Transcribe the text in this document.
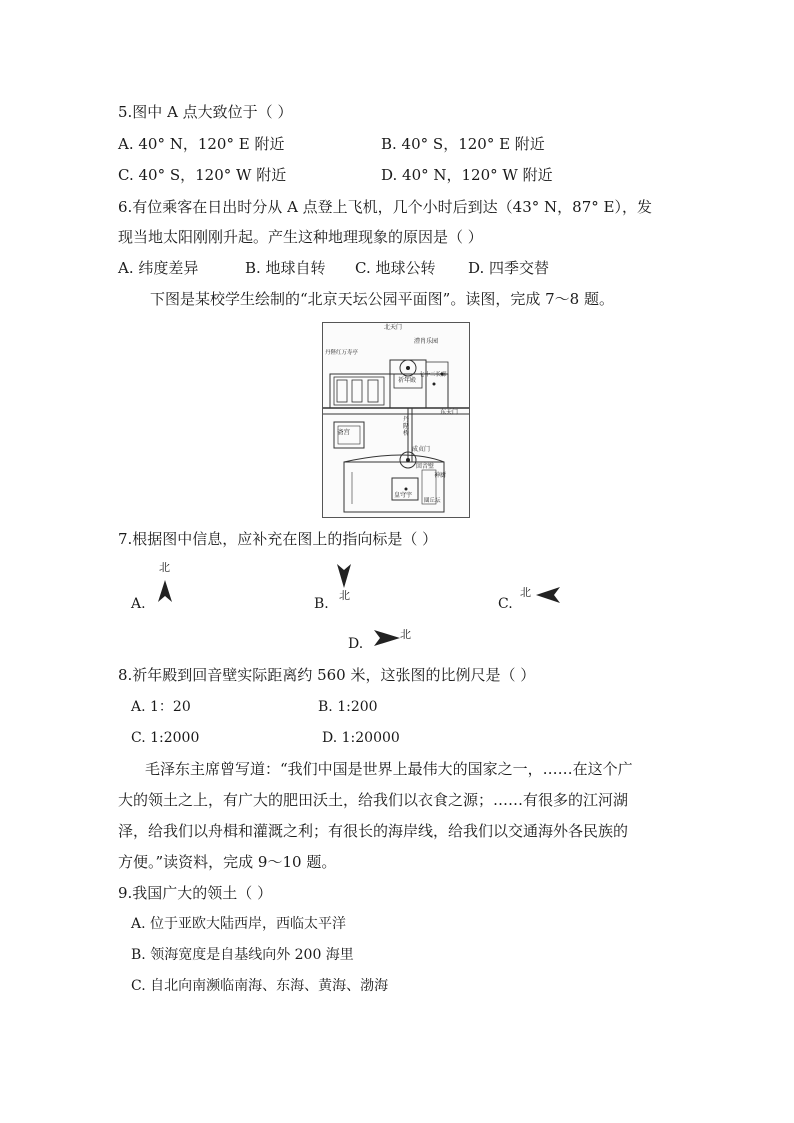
5.图中 A 点大致位于（ ）
A. 40° N，120° E 附近	B. 40° S，120° E 附近
C. 40° S，120° W 附近	D. 40° N，120° W 附近
6.有位乘客在日出时分从 A 点登上飞机，几个小时后到达（43° N，87° E），发
现当地太阳刚刚升起。产生这种地理现象的原因是（ ）
A. 纬度差异	B. 地球自转 C. 地球公转 D. 四季交替
下图是某校学生绘制的“北京天坛公园平面图”。读图，完成 7～8 题。
北天门
丹陛红万寿亭
澧肖乐园
七十二长廊
祈年殿
东天门
丹陛桥
斋宫
成贞门
回音壁
神厨
皇穹宇
圜丘坛
7.根据图中信息，应补充在图上的指向标是（ ）
A.
北
B.
北
C.
北
D.
北
8.祈年殿到回音壁实际距离约 560 米，这张图的比例尺是（ ）
A. 1：20	B. 1:200
C. 1:2000	D. 1:20000
毛泽东主席曾写道：“我们中国是世界上最伟大的国家之一，……在这个广
大的领土之上，有广大的肥田沃土，给我们以衣食之源；……有很多的江河湖
泽，给我们以舟楫和灌溉之利；有很长的海岸线，给我们以交通海外各民族的
方便。”读资料，完成 9～10 题。
9.我国广大的领土（ ）
A. 位于亚欧大陆西岸，西临太平洋
B. 领海宽度是自基线向外 200 海里
C. 自北向南濒临南海、东海、黄海、渤海
